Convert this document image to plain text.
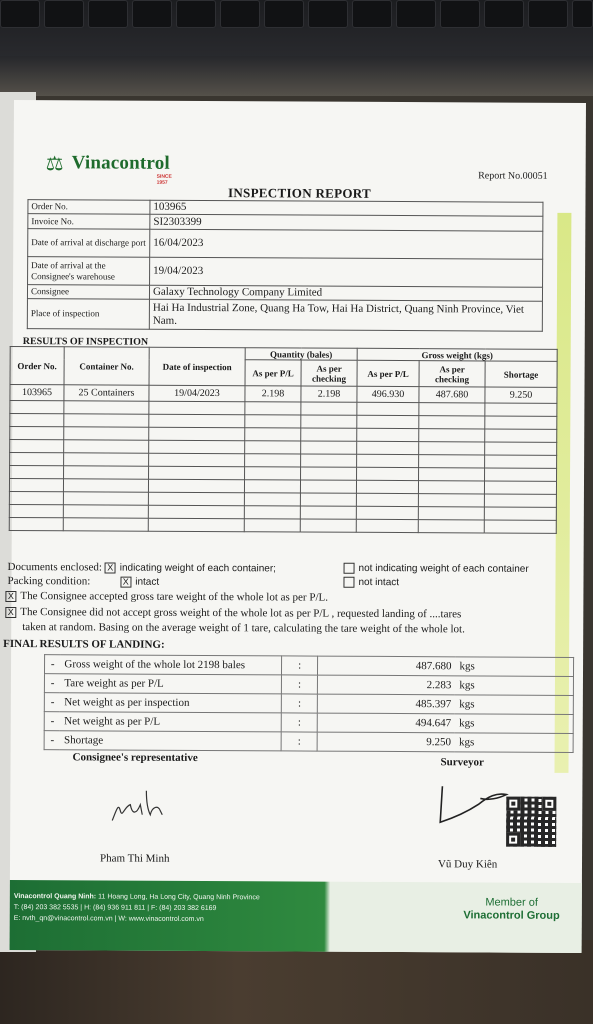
⚖ Vinacontrol
SINCE 1957
Report No.00051
INSPECTION REPORT
Order No.	103965
Invoice No.	SI2303399
Date of arrival at discharge port	16/04/2023
Date of arrival at the Consignee's warehouse	19/04/2023
Consignee	Galaxy Technology Company Limited
Place of inspection	Hai Ha Industrial Zone, Quang Ha Tow, Hai Ha District, Quang Ninh Province, Viet Nam.
RESULTS OF INSPECTION
Order No.	Container No.	Date of inspection	Quantity (bales)		Gross weight (kgs)		
			As per P/L	As per checking	As per P/L	As per checking	Shortage
103965	25 Containers	19/04/2023	2.198	2.198	496.930	487.680	9.250

Documents enclosed: X indicating weight of each container;	not indicating weight of each container
Packing condition:	X intact	not intact
X The Consignee accepted gross tare weight of the whole lot as per P/L.
X The Consignee did not accept gross weight of the whole lot as per P/L , requested landing of ....tares
taken at random. Basing on the average weight of 1 tare, calculating the tare weight of the whole lot.
FINAL RESULTS OF LANDING:
-	Gross weight of the whole lot 2198 bales	:	487.680	kgs
-	Tare weight as per P/L	:	2.283	kgs
-	Net weight as per inspection	:	485.397	kgs
-	Net weight as per P/L	:	494.647	kgs
-	Shortage	:	9.250	kgs
Consignee's representative	Surveyor
Pham Thi Minh	Vũ Duy Kiên
Vinacontrol Quang Ninh: 11 Hoang Long, Ha Long City, Quang Ninh Province
T: (84) 203 382 5535 | H: (84) 936 911 811 | F: (84) 203 382 6169
E: nvth_qn@vinacontrol.com.vn | W: www.vinacontrol.com.vn
Member of
Vinacontrol Group
